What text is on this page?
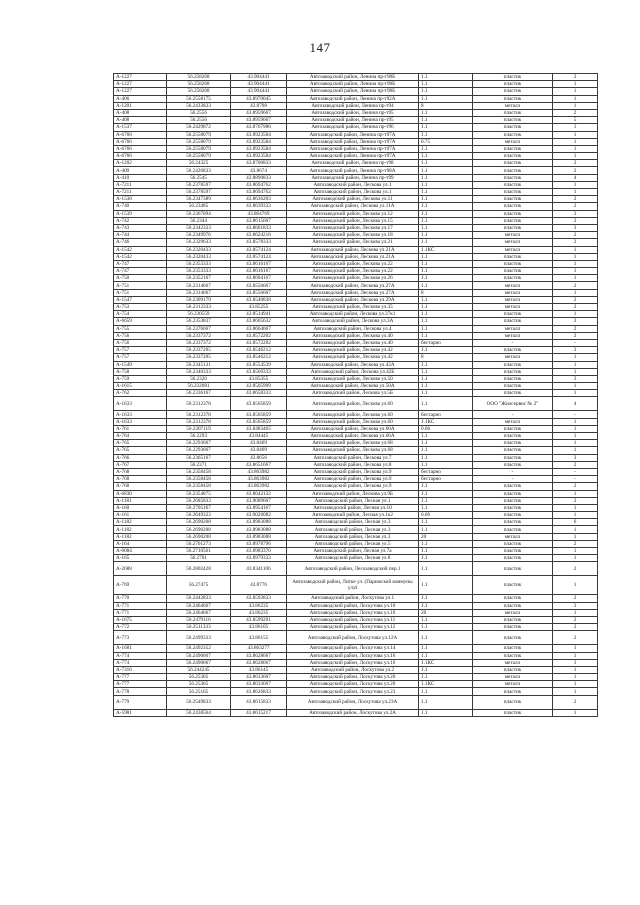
147
А-1227	56.258268	43.904441	Автозаводский район, Ленина пр-т98Б	1.1	пластик	2
А-1227	56.258268	43.904441	Автозаводский район, Ленина пр-т98Б	1.1	пластик	1
А-1227	56.258268	43.904441	Автозаводский район, Ленина пр-т98Б	1.1	пластик	1
А-406	56.2558175	43.8970045	Автозаводский район, Ленина пр-т92А	1.1	пластик	1
А-1201	56.2433833	43.8708	Автозаводский район, Ленина пр-т94	8	металл	1
А-408	56.2556	43.8959667	Автозаводский район, Ленина пр-т95	1.1	пластик	2
А-408	56.2556	43.8959667	Автозаводский район, Ленина пр-т95	1.1	пластик	5
А-1537	56.2429872	43.8767986	Автозаводский район, Ленина пр-т96	1.1	пластик	1
А-6766	56.2558079	43.8923584	Автозаводский район, Ленина пр-т97А	1.1	пластик	1
А-6766	56.2558079	43.8923584	Автозаводский район, Ленина пр-т97А	0.75	металл	1
А-6766	56.2558079	43.8923584	Автозаводский район, Ленина пр-т97А	1.1	пластик	1
А-6766	56.2558079	43.8923584	Автозаводский район, Ленина пр-т97А	1.1	пластик	1
А-1202	56.24325	43.8700833	Автозаводский район, Ленина пр-т98	1.1	пластик	2
А-409	56.2426833	43.8674	Автозаводский район, Ленина пр-т98А	1.1	пластик	2
А-410	56.2545	43.8890833	Автозаводский район, Ленина пр-т99	1.1	пластик	4
А-7211	56.2378597	43.8694762	Автозаводский район, Лескова ул.1	1.1	пластик	1
А-7211	56.2378597	43.8694762	Автозаводский район, Лескова ул.1	1.1	пластик	1
А-1538	56.2347389	43.8636203	Автозаводский район, Лескова ул.11	1.1	пластик	2
А-740	56.23485	43.8639333	Автозаводский район, Лескова ул.11А	1.1	пластик	2
А-1539	56.2367094	43.864769	Автозаводский район, Лескова ул.12	1.1	пластик	3
А-742	56.2344	43.8615667	Автозаводский район, Лескова ул.15	1.1	пластик	2
А-743	56.2342333	43.8601833	Автозаводский район, Лескова ул.17	1.1	пластик	3
А-744	56.2349976	43.8624216	Автозаводский район, Лескова ул.18	1.1	металл	2
А-746	56.2329633	43.8578333	Автозаводский район, Лескова ул.21	1.1	металл	2
А-1542	56.2320433	43.8574124	Автозаводский район, Лескова ул.21А	1.1КС	металл	1
А-1542	56.2320433	43.8574124	Автозаводский район, Лескова ул.21А	1.1	пластик	1
А-747	56.2353333	43.8616167	Автозаводский район, Лескова ул.22	1.1	пластик	1
А-747	56.2353333	43.8616167	Автозаводский район, Лескова ул.22	1.1	пластик	1
А-750	56.2352167	43.8604167	Автозаводский район, Лескова ул.26	1.1	пластик	1
А-751	56.2314667	43.8556667	Автозаводский район, Лескова ул.27А	1.1	металл	2
А-751	56.2314667	43.8556667	Автозаводский район, Лескова ул.27А	8	металл	1
А-1547	56.2309179	43.8540838	Автозаводский район, Лескова ул.29А	1.1	металл	2
А-753	56.2312333	43.85255	Автозаводский район, Лескова ул.35	1.1	металл	2
А-754	56.230559	43.8514941	Автозаводский район, Лескова ул.37к1	1.1	пластик	1
А-6659	56.2353837	43.8605632	Автозаводский район, Лескова ул.3А	1.1	пластик	3
А-755	56.2376667	43.8664667	Автозаводский район, Лескова ул.4	1.1	металл	2
А-756	56.2337372	43.8572202	Автозаводский район, Лескова ул.40	1.1	металл	2
А-756	56.2337372	43.8572202	Автозаводский район, Лескова ул.40	бестарно	-	-
А-757	56.2337205	43.8546212	Автозаводский район, Лескова ул.42	1.1	пластик	3
А-757	56.2337205	43.8546212	Автозаводский район, Лескова ул.42	8	металл	1
А-1549	56.2345131	43.8554539	Автозаводский район, Лескова ул.42А	1.1	пластик	1
А-758	56.2340333	43.8569333	Автозаводский район, Лескова ул.42Б	1.1	пластик	1
А-759	56.2326	43.85355	Автозаводский район, Лескова ул.50	1.1	пластик	3
А-1615	56.232081	43.8505999	Автозаводский район, Лескова ул.50А	1.1	пластик	1
А-762	56.2336167	43.8658333	Автозаводский район, Лескова ул.5Б	1.1	пластик	1
А-1633	56.2312378	43.8505859	Автозаводский район, Лескова ул.60	1.1	ООО "Жилсервис № 2"	4
А-1633	56.2312378	43.8505859	Автозаводский район, Лескова ул.60	бестарно	-	-
А-1633	56.2312378	43.8505859	Автозаводский район, Лескова ул.60	1.1КС	металл	1
А-761	56.2307119	43.8483465	Автозаводский район, Лескова ул.60А	0.66	пластик	1
А-764	56.2293	43.84445	Автозаводский район, Лескова ул.66А	1.1	пластик	1
А-765	56.2293667	43.8469	Автозаводский район, Лескова ул.68	1.1	пластик	1
А-765	56.2293667	43.8469	Автозаводский район, Лескова ул.68	1.1	пластик	1
А-766	56.2365167	43.8656	Автозаводский район, Лескова ул.7	1.1	пластик	3
А-767	56.2371	43.8651667	Автозаводский район, Лескова ул.8	1.1	пластик	2
А-768	56.2358458	43.863982	Автозаводский район, Лескова ул.9	бестарно	-	-
А-768	56.2358458	43.863982	Автозаводский район, Лескова ул.9	бестарно	-	-
А-768	56.2358458	43.863982	Автозаводский район, Лескова ул.9	1.1	пластик	2
А-6830	56.2354875	43.8642132	Автозаводский район, Лескова ул.9Б	1.1	пластик	1
А-1181	56.2685833	43.9089667	Автозаводский район, Лесная ул.1	1.1	пластик	2
А-160	56.2705167	43.8954167	Автозаводский район, Лесная ул.10	1.1	пластик	1
А-161	56.2649323	43.9026082	Автозаводский район, Лесная ул.1к2	0.66	пластик	1
А-1182	56.2690208	43.8983088	Автозаводский район, Лесная ул.3	1.1	пластик	6
А-1182	56.2690208	43.8983088	Автозаводский район, Лесная ул.3	1.1	пластик	1
А-1182	56.2690208	43.8983088	Автозаводский район, Лесная ул.3	20	металл	1
А-164	56.2701273	43.8978796	Автозаводский район, Лесная ул.5	1.1	пластик	2
А-6084	56.2710561	43.8983376	Автозаводский район, Лесная ул.7а	1.1	пластик	1
А-165	56.2701	43.8979333	Автозаводский район, Лесная ул.8	1.1	пластик	1
А-2688	56.2802428	43.8341106	Автозаводский район, Лесозаводский пер.1	1.1	пластик	2
А-769	56.27475	43.8776	Автозаводский район, Литке ул. (Парижской коммуны ул)4	1.1	пластик	1
А-770	56.2442833	43.8593833	Автозаводский район, Лоскутова ул.1	1.1	пластик	2
А-771	56.2464667	43.86235	Автозаводский район, Лоскутова ул.10	1.1	пластик	3
А-771	56.2464667	43.86235	Автозаводский район, Лоскутова ул.10	20	металл	1
А-1675	56.2479116	43.8599291	Автозаводский район, Лоскутова ул.11	1.1	пластик	2
А-772	56.2511333	43.86105	Автозаводский район, Лоскутова ул.12	1.1	пластик	2
А-773	56.2499333	43.86155	Автозаводский район, Лоскутова ул.12А	1.1	пластик	2
А-1681	56.2492352	43.863277	Автозаводский район, Лоскутова ул.14	1.1	пластик	1
А-774	56.2490667	43.8628667	Автозаводский район, Лоскутова ул.16	1.1	пластик	1
А-774	56.2490667	43.8628667	Автозаводский район, Лоскутова ул.16	1.1КС	металл	1
А-7316	56.244245	43.86145	Автозаводский район, Лоскутова ул.2	1.1	пластик	1
А-777	56.25305	43.8633667	Автозаводский район, Лоскутова ул.20	1.1	металл	1
А-777	56.25305	43.8633667	Автозаводский район, Лоскутова ул.20	1.1КС	металл	1
А-778	56.25165	43.8626833	Автозаводский район, Лоскутова ул.23	1.1	пластик	1
А-779	56.2549833	43.8615833	Автозаводский район, Лоскутова ул.23А	1.1	пластик	2
А-5981	56.2438564	43.8615217	Автозаводский район, Лоскутова ул.2А	1.1	пластик	1
